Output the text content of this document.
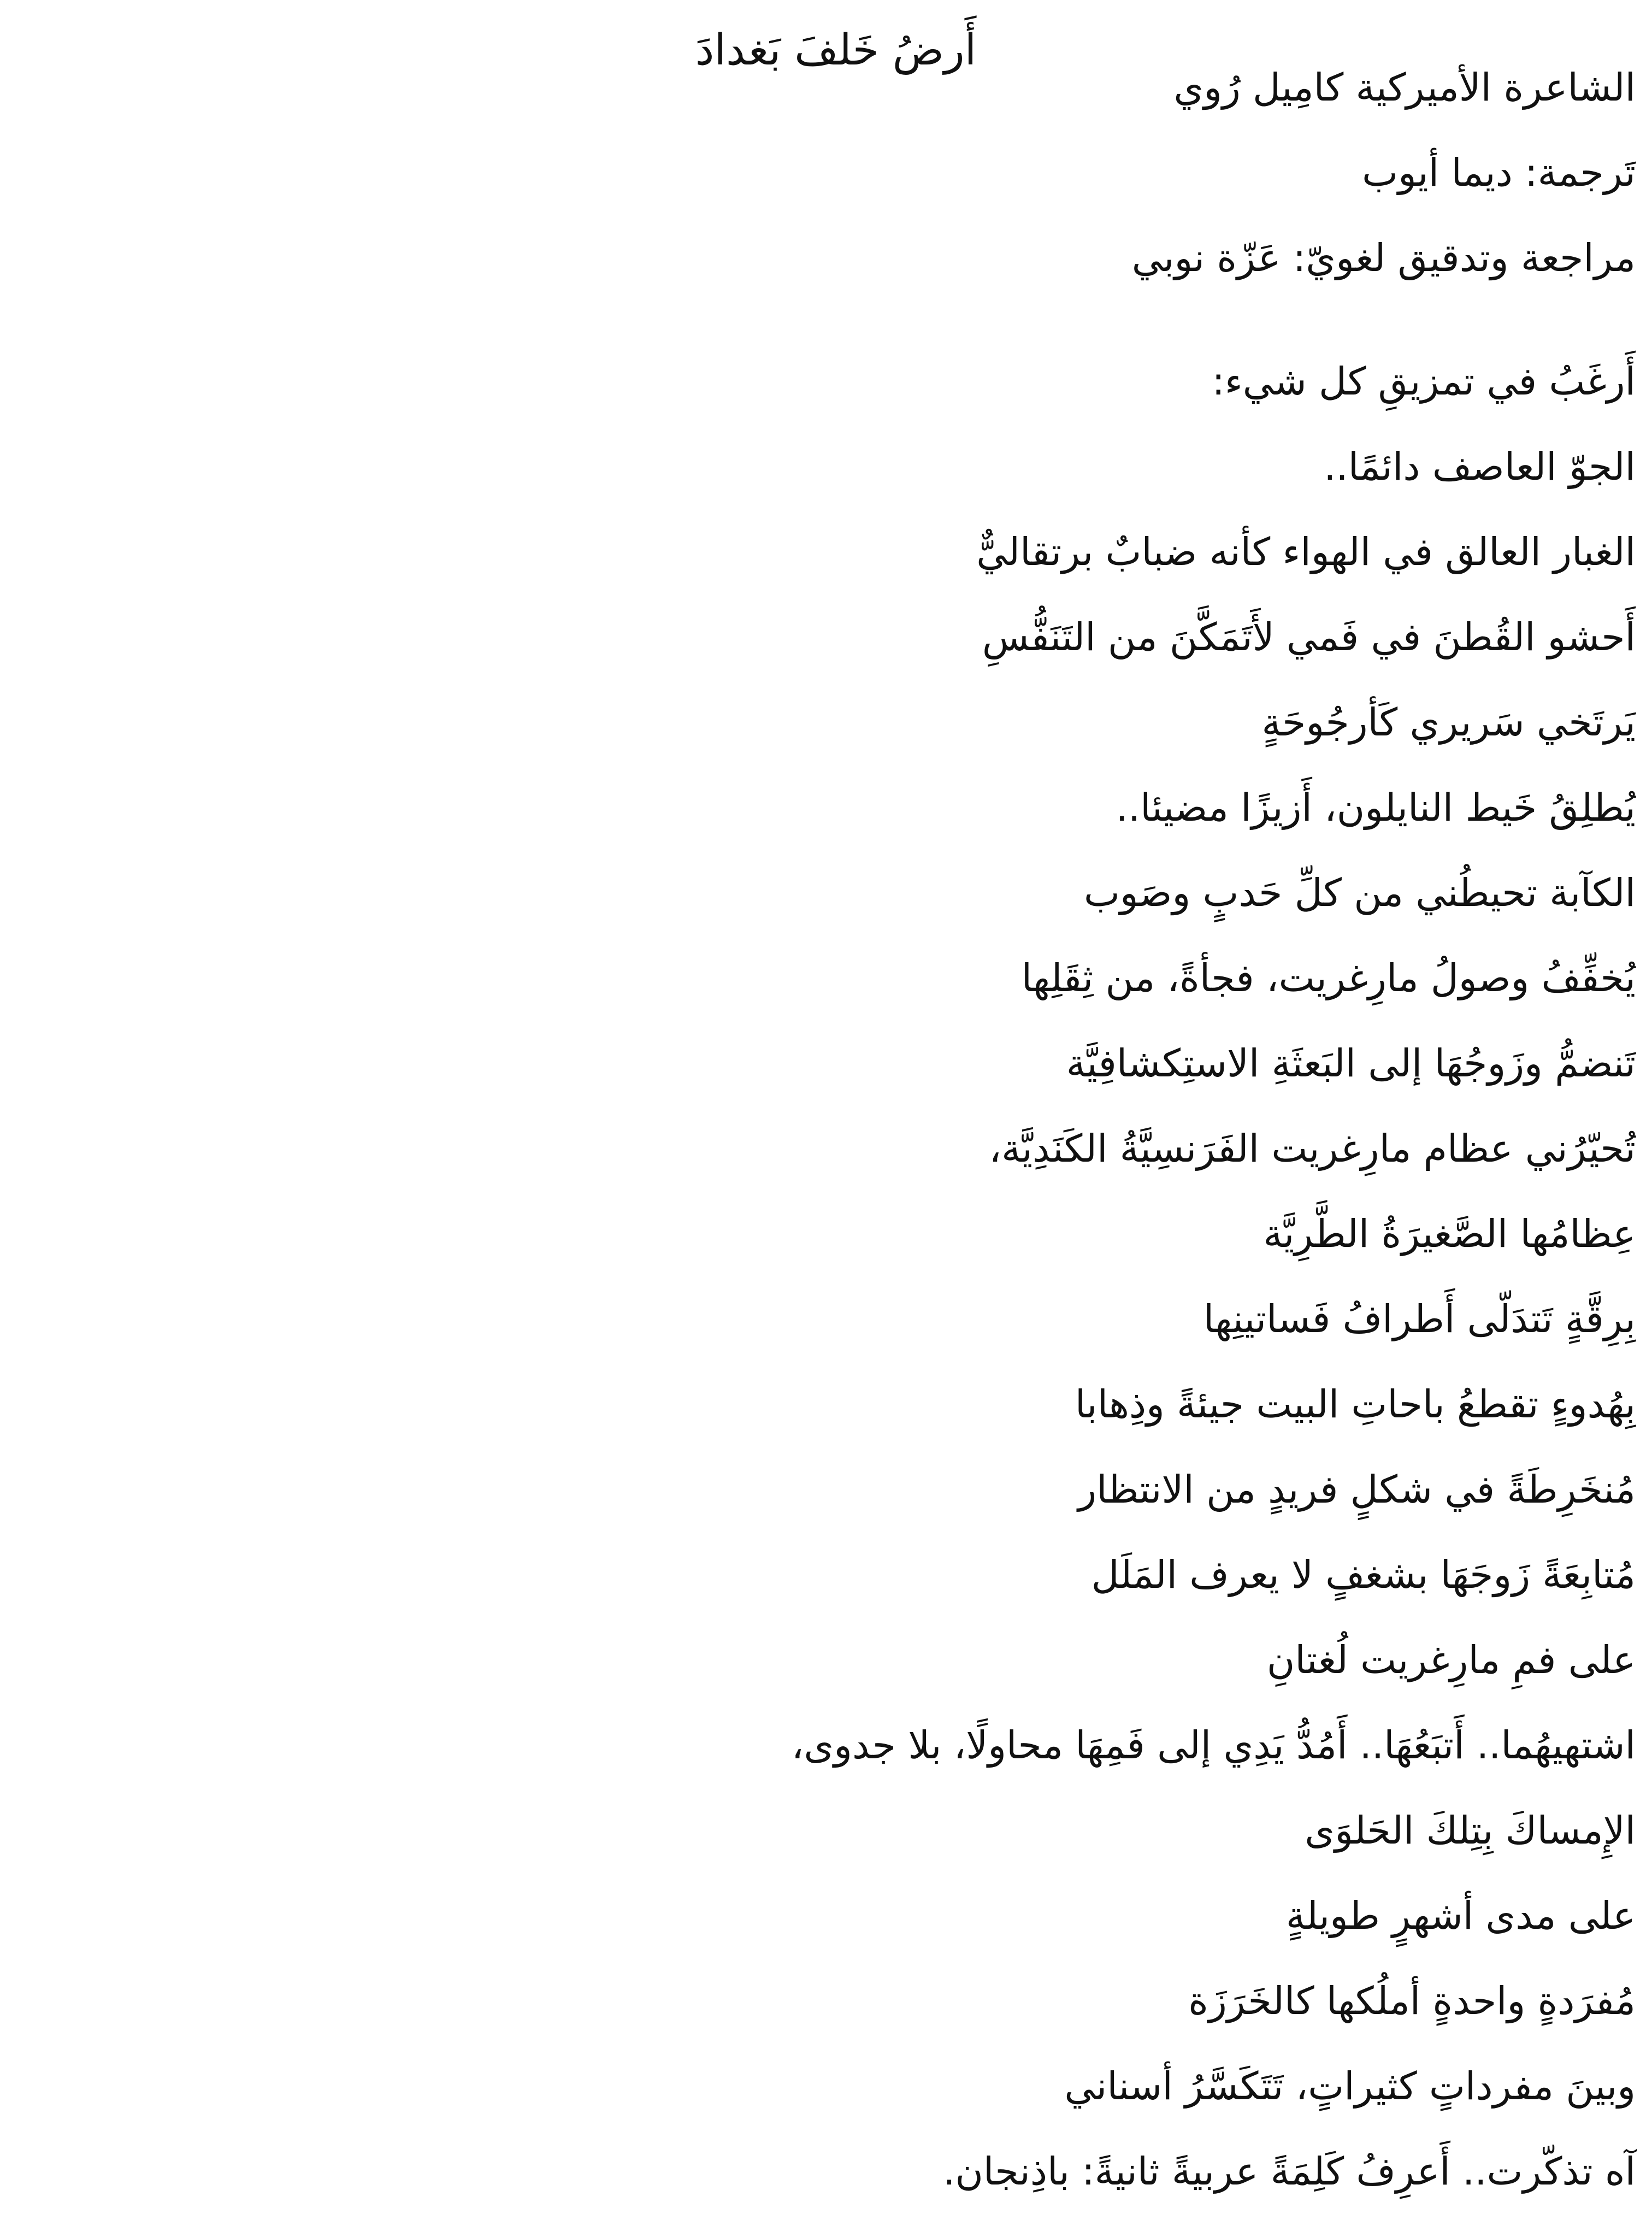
أَرضُ خَلفَ بَغدادَ
الشاعرة الأميركية كامِيل رُوي
تَرجمة: ديما أيوب
مراجعة وتدقيق لغويّ: عَزّة نوبي
أَرغَبُ في تمزيقِ كل شيء:
الجوّ العاصف دائمًا..
الغبار العالق في الهواء كأنه ضبابٌ برتقاليٌّ
أَحشو القُطنَ في فَمي لأَتَمَكَّنَ من التَنَفُّسِ
يَرتَخي سَريري كَأرجُوحَةٍ
يُطلِقُ خَيط النايلون، أَزيزًا مضيئا..
الكآبة تحيطُني من كلِّ حَدبٍ وصَوب
يُخفِّفُ وصولُ مارِغريت، فجأةً، من ثِقَلِها
تَنضمُّ وزَوجُهَا إلى البَعثَةِ الاستِكشافِيَّة
تُحيّرُني عظام مارِغريت الفَرَنسِيَّةُ الكَنَدِيَّة،
عِظامُها الصَّغيرَةُ الطَّرِيَّة
بِرِقَّةٍ تَتدَلّى أَطرافُ فَساتينِها
بِهُدوءٍ تقطعُ باحاتِ البيت جيئةً وذِهابا
مُنخَرِطَةً في شكلٍ فريدٍ من الانتظار
مُتابِعَةً زَوجَهَا بشغفٍ لا يعرف المَلَل
على فمِ مارِغريت لُغتانِ
اشتهيهُما.. أَتبَعُهَا.. أَمُدُّ يَدِي إلى فَمِهَا محاولًا، بلا جدوى،
الإِمساكَ بِتِلكَ الحَلوَى
على مدى أشهرٍ طويلةٍ
مُفرَدةٍ واحدةٍ أملُكها كالخَرَزَة
وبينَ مفرداتٍ كثيراتٍ، تَتَكَسَّرُ أسناني
آه تذكّرت.. أَعرِفُ كَلِمَةً عربيةً ثانيةً: باذِنجان.
